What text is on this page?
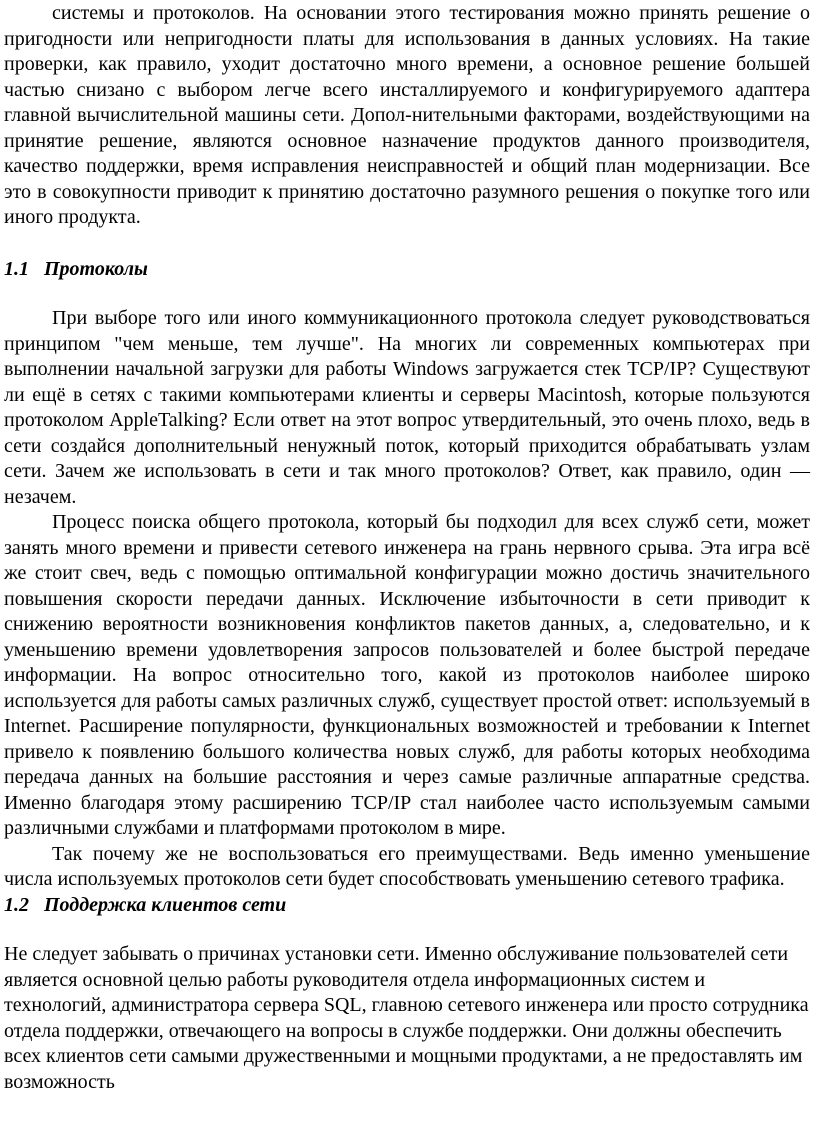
системы и протоколов. На основании этого тестирования можно принять решение о пригодности или непригодности платы для использования в данных условиях. На такие проверки, как правило, уходит достаточно много времени, а основное решение большей частью снизано с выбором легче всего инсталлируемого и конфигурируемого адаптера главной вычислительной машины сети. Допол-нительными факторами, воздействующими на принятие решение, являются основное назначение продуктов данного производителя, качество поддержки, время исправления неисправностей и общий план модернизации. Все это в совокупности приводит к принятию достаточно разумного решения о покупке того или иного продукта.

1.1 Протоколы

При выборе того или иного коммуникационного протокола следует руководствоваться принципом "чем меньше, тем лучше". На многих ли современных компьютерах при выполнении начальной загрузки для работы Windows загружается стек TCP/IP? Существуют ли ещё в сетях с такими компьютерами клиенты и серверы Macintosh, которые пользуются протоколом AppleTalking? Если ответ на этот вопрос утвердительный, это очень плохо, ведь в сети создайся дополнительный ненужный поток, который приходится обрабатывать узлам сети. Зачем же использовать в сети и так много протоколов? Ответ, как правило, один — незачем.

Процесс поиска общего протокола, который бы подходил для всех служб сети, может занять много времени и привести сетевого инженера на грань нервного срыва. Эта игра всё же стоит свеч, ведь с помощью оптимальной конфигурации можно достичь значительного повышения скорости передачи данных. Исключение избыточности в сети приводит к снижению вероятности возникновения конфликтов пакетов данных, а, следовательно, и к уменьшению времени удовлетворения запросов пользователей и более быстрой передаче информации. На вопрос относительно того, какой из протоколов наиболее широко используется для работы самых различных служб, существует простой ответ: используемый в Internet. Расширение популярности, функциональных возможностей и требовании к Internet привело к появлению большого количества новых служб, для работы которых необходима передача данных на большие расстояния и через самые различные аппаратные средства. Именно благодаря этому расширению TCP/IP стал наиболее часто используемым самыми различными службами и платформами протоколом в мире.

Так почему же не воспользоваться его преимуществами. Ведь именно уменьшение числа используемых протоколов сети будет способствовать уменьшению сетевого трафика.

1.2 Поддержка клиентов сети

Не следует забывать о причинах установки сети. Именно обслуживание пользователей сети является основной целью работы руководителя отдела информационных систем и технологий, администратора сервера SQL, главною сетевого инженера или просто сотрудника отдела поддержки, отвечающего на вопросы в службе поддержки. Они должны обеспечить всех клиентов сети самыми дружественными и мощными продуктами, а не предоставлять им возможность
